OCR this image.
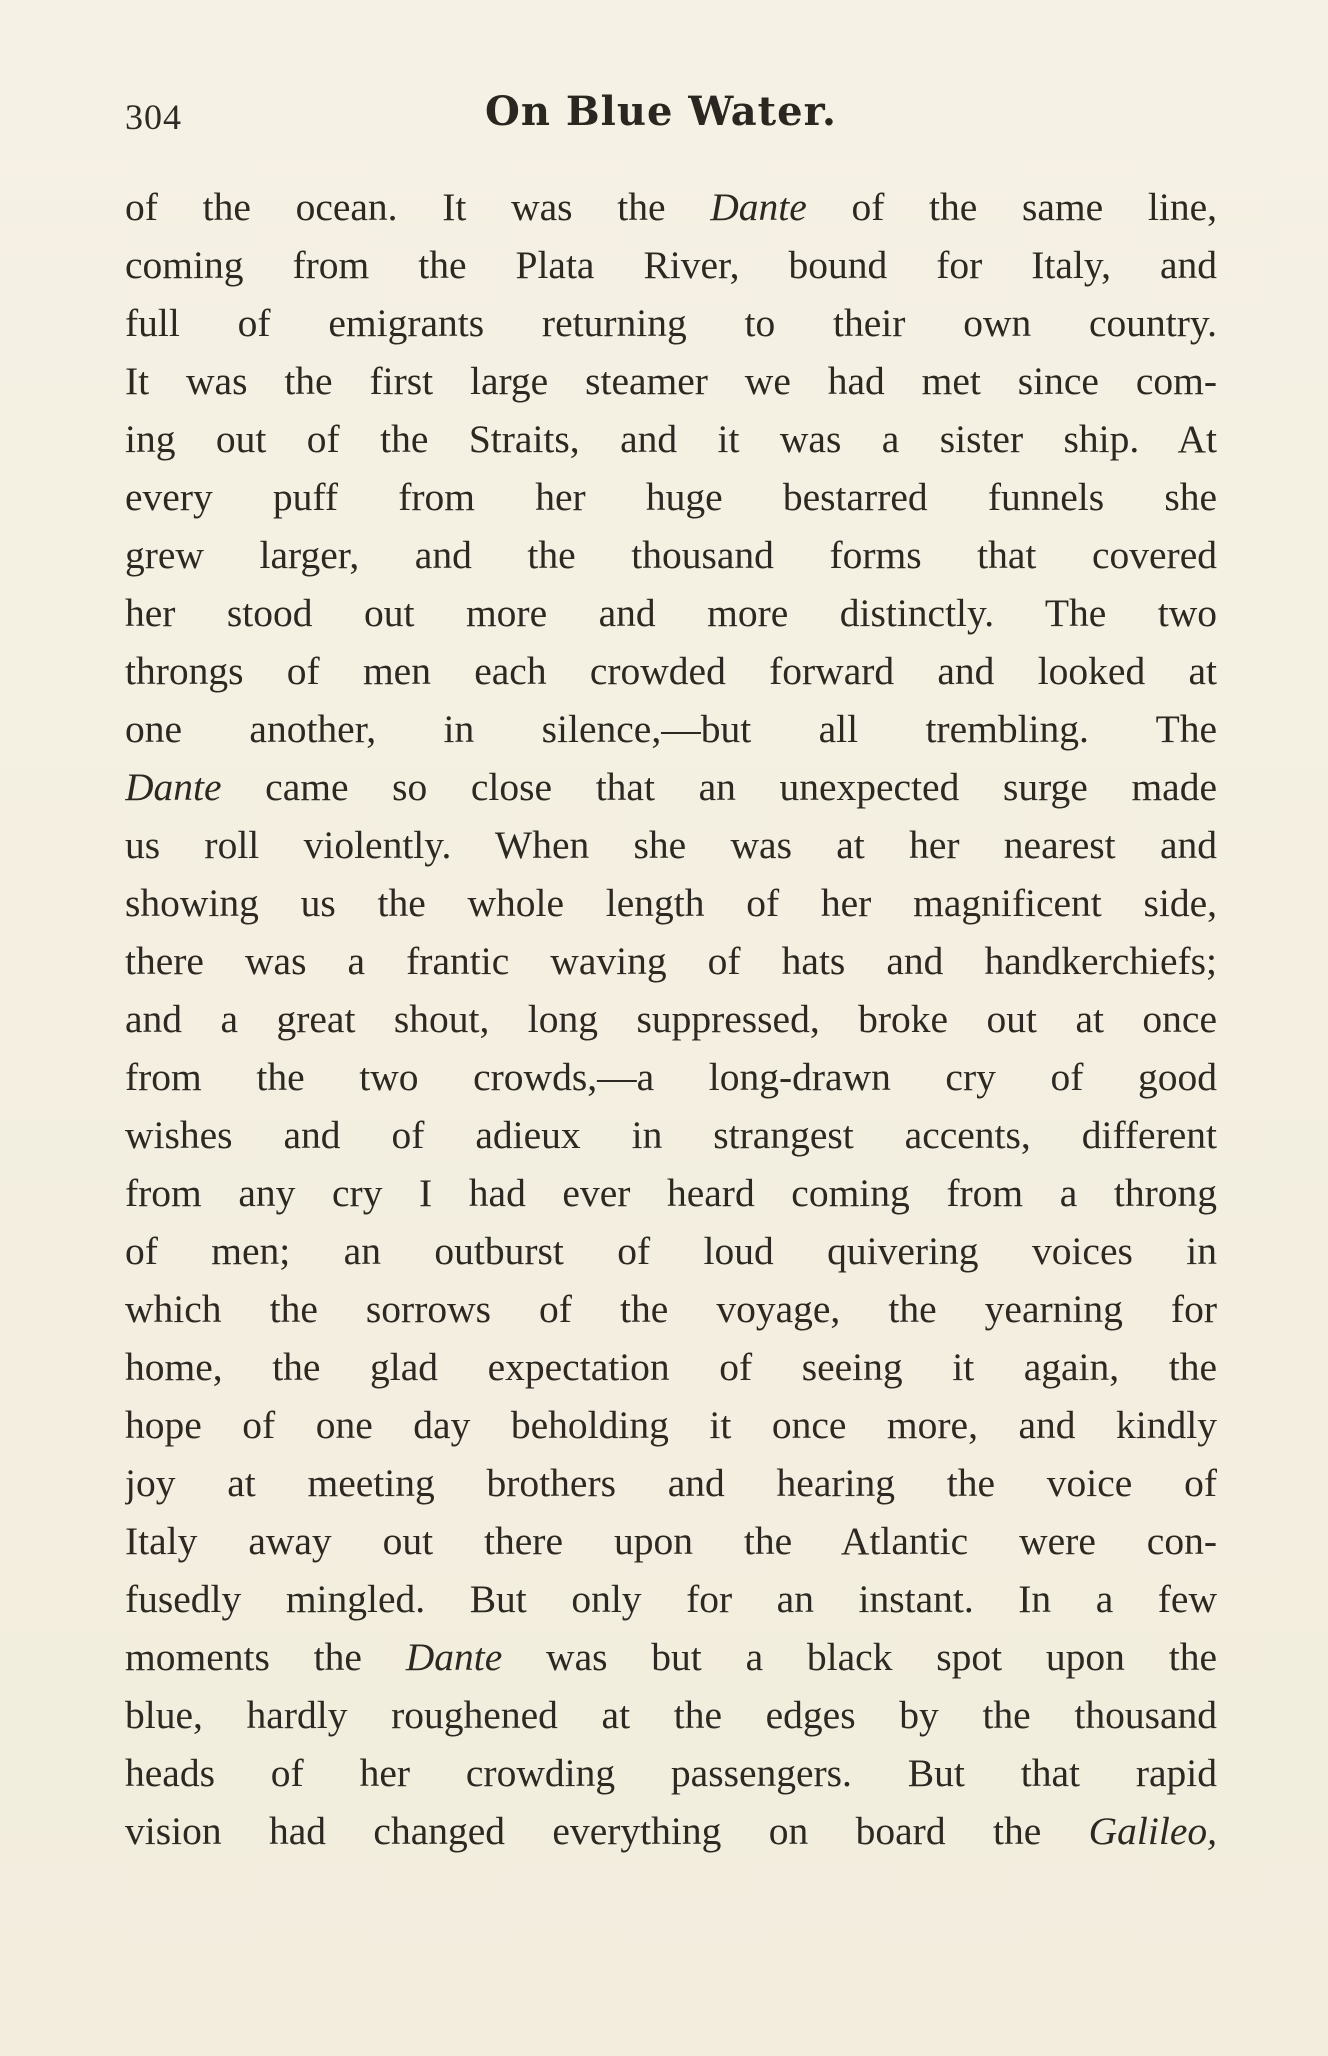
304	On Blue Water.
of the ocean. It was the Dante of the same line,
coming from the Plata River, bound for Italy, and
full of emigrants returning to their own country.
It was the first large steamer we had met since com-
ing out of the Straits, and it was a sister ship. At
every puff from her huge bestarred funnels she
grew larger, and the thousand forms that covered
her stood out more and more distinctly. The two
throngs of men each crowded forward and looked at
one another, in silence,—but all trembling. The
Dante came so close that an unexpected surge made
us roll violently. When she was at her nearest and
showing us the whole length of her magnificent side,
there was a frantic waving of hats and handkerchiefs;
and a great shout, long suppressed, broke out at once
from the two crowds,—a long-drawn cry of good
wishes and of adieux in strangest accents, different
from any cry I had ever heard coming from a throng
of men; an outburst of loud quivering voices in
which the sorrows of the voyage, the yearning for
home, the glad expectation of seeing it again, the
hope of one day beholding it once more, and kindly
joy at meeting brothers and hearing the voice of
Italy away out there upon the Atlantic were con-
fusedly mingled. But only for an instant. In a few
moments the Dante was but a black spot upon the
blue, hardly roughened at the edges by the thousand
heads of her crowding passengers. But that rapid
vision had changed everything on board the Galileo,
